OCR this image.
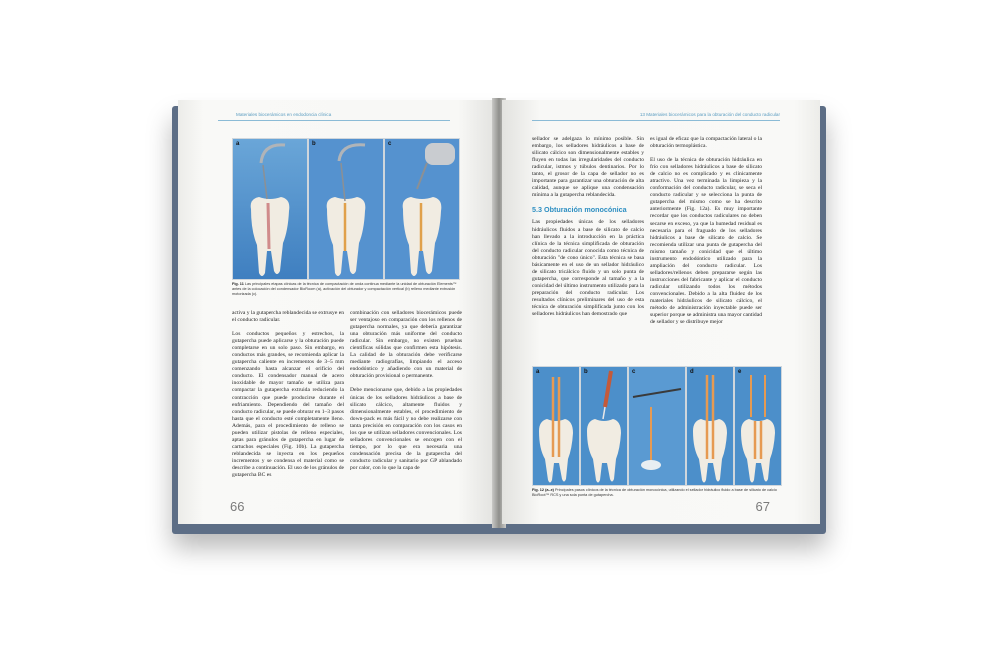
Materiales biocerámicos en endodoncia clínica
a	b	c
Fig. 11 Las principales etapas clínicas de la técnica de compactación de onda continua mediante la unidad de obturación Elements™ antes de la colocación del condensador BioRoom (a), activación del obturador y compactación vertical (b) relleno mediante extrusión motorizada (c).

activa y la gutapercha reblandecida se extrusye en el conducto radicular.

Los conductos pequeños y estrechos, la gutapercha puede aplicarse y la obturación puede completarse en un solo paso. Sin embargo, en conductos más grandes, se recomienda aplicar la gutapercha caliente en incrementos de 3–5 mm comenzando hasta alcanzar el orificio del conducto. El condensador manual de acero inoxidable de mayor tamaño se utiliza para compactar la gutapercha extruida reduciendo la contracción que puede producirse durante el enfriamiento. Dependiendo del tamaño del conducto radicular, se puede obturar en 1–3 pasos hasta que el conducto esté completamente lleno. Además, para el procedimiento de relleno se pueden utilizar pistolas de relleno especiales, aptas para gránulos de gutapercha en lugar de cartuchos especiales (Fig. 10b). La gutapercha reblandecida se inyecta en los pequeños incrementos y se condensa el material como se describe a continuación. El uso de los gránulos de gutapercha BC es

combinación con selladores biocerámicos puede ser ventajoso en comparación con los rellenos de gutapercha normales, ya que debería garantizar una obturación más uniforme del conducto radicular. Sin embargo, no existen pruebas científicas sólidas que confirmen esta hipótesis. La calidad de la obturación debe verificarse mediante radiografías, limpiando el acceso endodóntico y añadiendo con un material de obturación provisional o permanente.

Debe mencionarse que, debido a las propiedades únicas de los selladores hidráulicos a base de silicato cálcico, altamente fluidos y dimensionalmente estables, el procedimiento de down-pack es más fácil y no debe realizarse con tanta precisión en comparación con los casos en los que se utilizan selladores convencionales. Los selladores convencionales se encogen con el tiempo, por lo que era necesaria una condensación precisa de la gutapercha del conducto radicular y sanitario por GP ablandado por calor, con lo que la capa de

66
13 Materiales biocerámicos para la obturación del conducto radicular

sellador se adelgaza lo mínimo posible. Sin embargo, los selladores hidráulicos a base de silicato cálcico son dimensionalmente estables y fluyen en todas las irregularidades del conducto radicular, istmos y túbulos dentinarios. Por lo tanto, el grosor de la capa de sellador no es importante para garantizar una obturación de alta calidad, aunque se aplique una condensación mínima a la gutapercha reblandecida.

5.3 Obturación monocónica

Las propiedades únicas de los selladores hidráulicos fluidos a base de silicato de calcio han llevado a la introducción en la práctica clínica de la técnica simplificada de obturación del conducto radicular conocida como técnica de obturación "de cono único". Esta técnica se basa básicamente en el uso de un sellador hidráulico de silicato tricálcico fluido y un solo punta de gutapercha, que corresponde al tamaño y a la conicidad del último instrumento utilizado para la preparación del conducto radicular. Los resultados clínicos preliminares del uso de esta técnica de obturación simplificada junto con los selladores hidráulicos han demostrado que

es igual de eficaz que la compactación lateral o la obturación termoplástica.

El uso de la técnica de obturación hidráulica en frío con selladores hidráulicos a base de silicato de calcio no es complicado y es clínicamente atractivo. Una vez terminada la limpieza y la conformación del conducto radicular, se seca el conducto radicular y se selecciona la punta de gutapercha del mismo como se ha descrito anteriormente (Fig. 12a). Es muy importante recordar que los conductos radiculares no deben secarse en exceso, ya que la humedad residual es necesaria para el fraguado de los selladores hidráulicos a base de silicato de calcio. Se recomienda utilizar una punta de gutapercha del mismo tamaño y conicidad que el último instrumento endodóntico utilizado para la ampliación del conducto radicular. Los selladores/rellenos deben prepararse según las instrucciones del fabricante y aplicar el conducto radicular utilizando todos los métodos convencionales. Debido a la alta fluidez de los materiales hidráulicos de silicato cálcico, el método de administración inyectable puede ser superior porque se administra una mayor cantidad de sellador y se distribuye mejor

a	b	c	d	e
Fig. 12 (a–e) Principales pasos clínicos de la técnica de obturación monocónica, utilizando el sellador hidráulico fluido a base de silicato de calcio BioRoot™ RCS y una sola punta de gutapercha.
67
